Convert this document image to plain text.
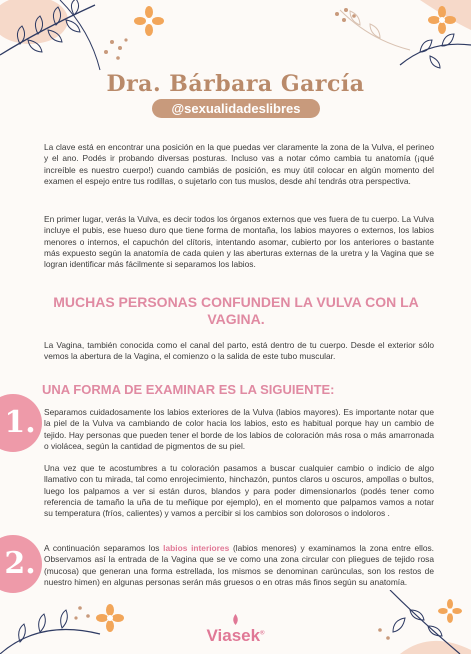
Dra. Bárbara García
@sexualidadeslibres

La clave está en encontrar una posición en la que puedas ver claramente la zona de la Vulva, el perineo y el ano. Podés ir probando diversas posturas. Incluso vas a notar cómo cambia tu anatomía (¡qué increíble es nuestro cuerpo!) cuando cambiás de posición, es muy útil colocar en algún momento del examen el espejo entre tus rodillas, o sujetarlo con tus muslos, desde ahí tendrás otra perspectiva.

En primer lugar, verás la Vulva, es decir todos los órganos externos que ves fuera de tu cuerpo. La Vulva incluye el pubis, ese hueso duro que tiene forma de montaña, los labios mayores o externos, los labios menores o internos, el capuchón del clítoris, intentando asomar, cubierto por los anteriores o bastante más expuesto según la anatomía de cada quien y las aberturas externas de la uretra y la Vagina que se logran identificar más fácilmente si separamos los labios.

MUCHAS PERSONAS CONFUNDEN LA VULVA CON LA VAGINA.

La Vagina, también conocida como el canal del parto, está dentro de tu cuerpo. Desde el exterior sólo vemos la abertura de la Vagina, el comienzo o la salida de este tubo muscular.

UNA FORMA DE EXAMINAR ES LA SIGUIENTE:
1. Separamos cuidadosamente los labios exteriores de la Vulva (labios mayores). Es importante notar que la piel de la Vulva va cambiando de color hacia los labios, esto es habitual porque hay un cambio de tejido. Hay personas que pueden tener el borde de los labios de coloración más rosa o más amarronada o violácea, según la cantidad de pigmentos de su piel.

Una vez que te acostumbres a tu coloración pasamos a buscar cualquier cambio o indicio de algo llamativo con tu mirada, tal como enrojecimiento, hinchazón, puntos claros u oscuros, ampollas o bultos, luego los palpamos a ver si están duros, blandos y para poder dimensionarlos (podés tener como referencia de tamaño la uña de tu meñique por ejemplo), en el momento que palpamos vamos a notar su temperatura (fríos, calientes) y vamos a percibir si los cambios son dolorosos o indoloros .

2. A continuación separamos los labios interiores (labios menores) y examinamos la zona entre ellos. Observamos así la entrada de la Vagina que se ve como una zona circular con pliegues de tejido rosa (mucosa) que generan una forma estrellada, los mismos se denominan carúnculas, son los restos de nuestro himen) en algunas personas serán más gruesos o en otras más finos según su anatomía.

Viasek®
